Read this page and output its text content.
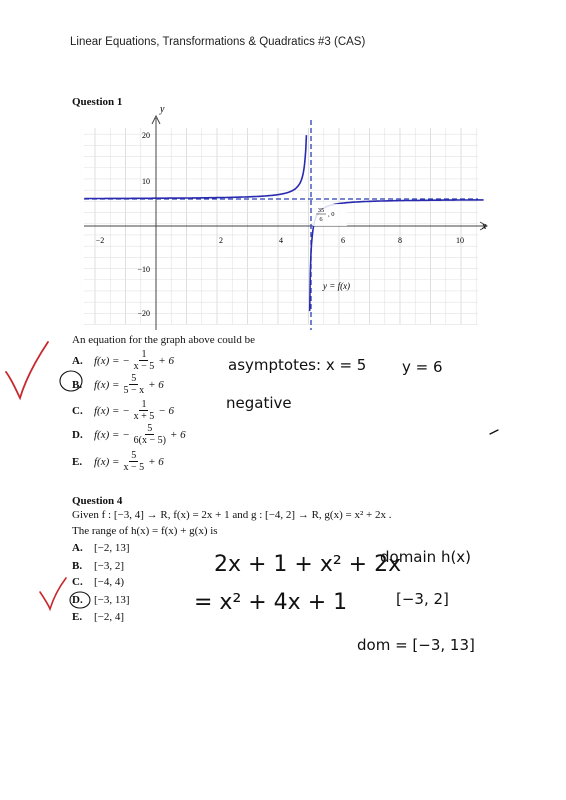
Linear Equations, Transformations & Quadratics #3 (CAS)
Question 1
y
x
−2	2	4	6	8	10
20
10
−10
−20
35
6
, 0
y = f(x)
An equation for the graph above could be
A.	f(x) = − $\frac{1}{x - 5} + 6$
B.	$f(x) = \frac{5}{5 - x} + 6$
C.	f(x) = − $\frac{1}{x + 5} - 6$
D.	f(x) = − $\frac{5}{6(x - 5)} + 6$
E.	$f(x) = \frac{5}{x - 5} + 6$
asymptotes: x = 5 y = 6
negative
Question 4
Given f : [−3, 4] → R, f(x) = 2x + 1 and g : [−4, 2] → R, g(x) = x² + 2x .
The range of h(x) = f(x) + g(x) is
A.	[−2, 13]
B.	[−3, 2]
C.	[−4, 4)
D.	[−3, 13]
E.	[−2, 4]
2x + 1 + x² + 2x
= x² + 4x + 1
domain h(x)
[−3, 2]
dom = [−3, 13]
